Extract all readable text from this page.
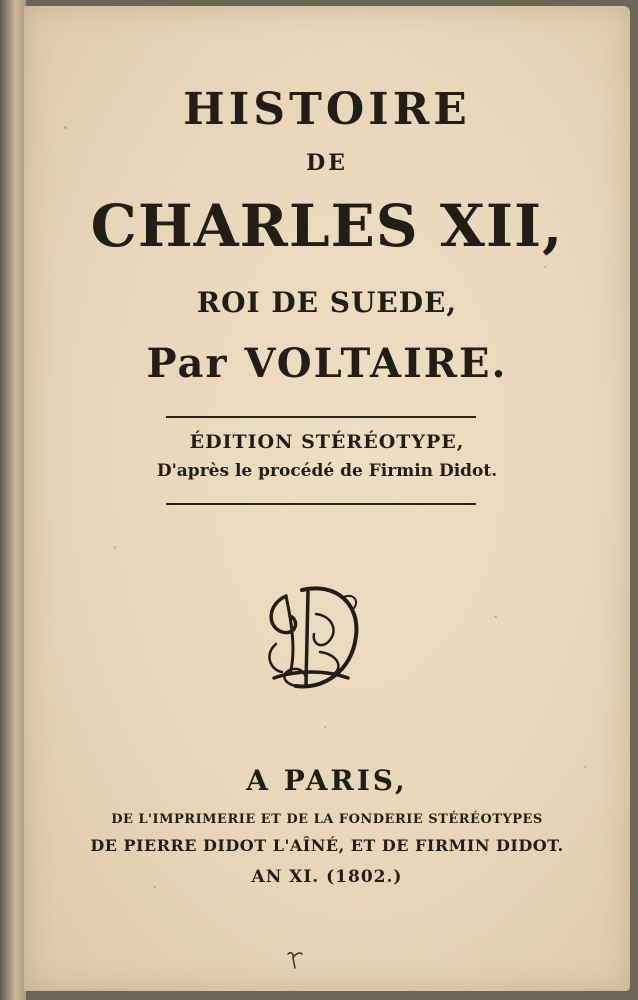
HISTOIRE
DE
CHARLES XII,
ROI DE SUEDE,
Par VOLTAIRE.
ÉDITION STÉRÉOTYPE,
D'après le procédé de Firmin Didot.
A PARIS,
DE L'IMPRIMERIE ET DE LA FONDERIE STÉRÉOTYPES
DE PIERRE DIDOT L'AÎNÉ, ET DE FIRMIN DIDOT.
AN XI. (1802.)
